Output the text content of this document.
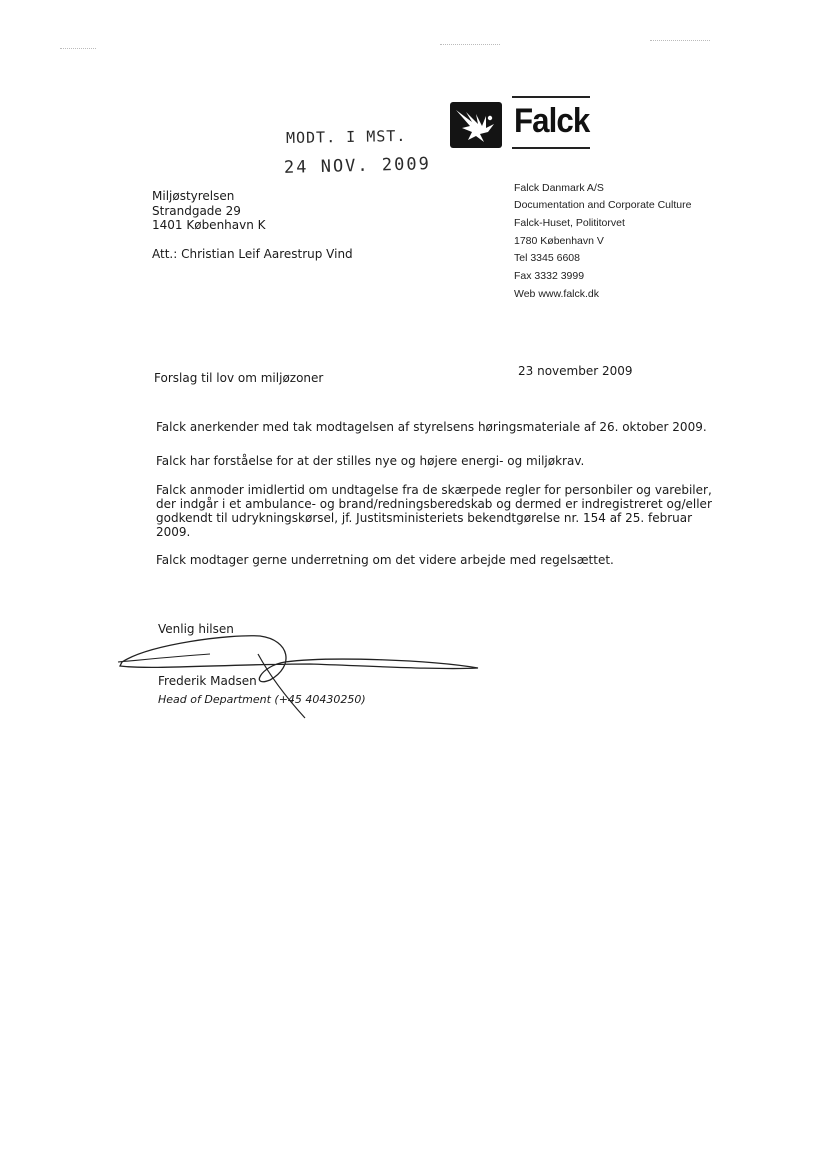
MODT. I MST.
24 NOV. 2009
Falck
Falck Danmark A/S
Documentation and Corporate Culture
Falck-Huset, Polititorvet
1780 København V
Tel 3345 6608
Fax 3332 3999
Web www.falck.dk
Miljøstyrelsen
Strandgade 29
1401 København K
Att.: Christian Leif Aarestrup Vind
Forslag til lov om miljøzoner	23 november 2009
Falck anerkender med tak modtagelsen af styrelsens høringsmateriale af 26. oktober 2009.
Falck har forståelse for at der stilles nye og højere energi- og miljøkrav.
Falck anmoder imidlertid om undtagelse fra de skærpede regler for personbiler og varebiler,
der indgår i et ambulance- og brand/redningsberedskab og dermed er indregistreret og/eller
godkendt til udrykningskørsel, jf. Justitsministeriets bekendtgørelse nr. 154 af 25. februar
2009.
Falck modtager gerne underretning om det videre arbejde med regelsættet.
Venlig hilsen
Frederik Madsen
Head of Department (+45 40430250)
